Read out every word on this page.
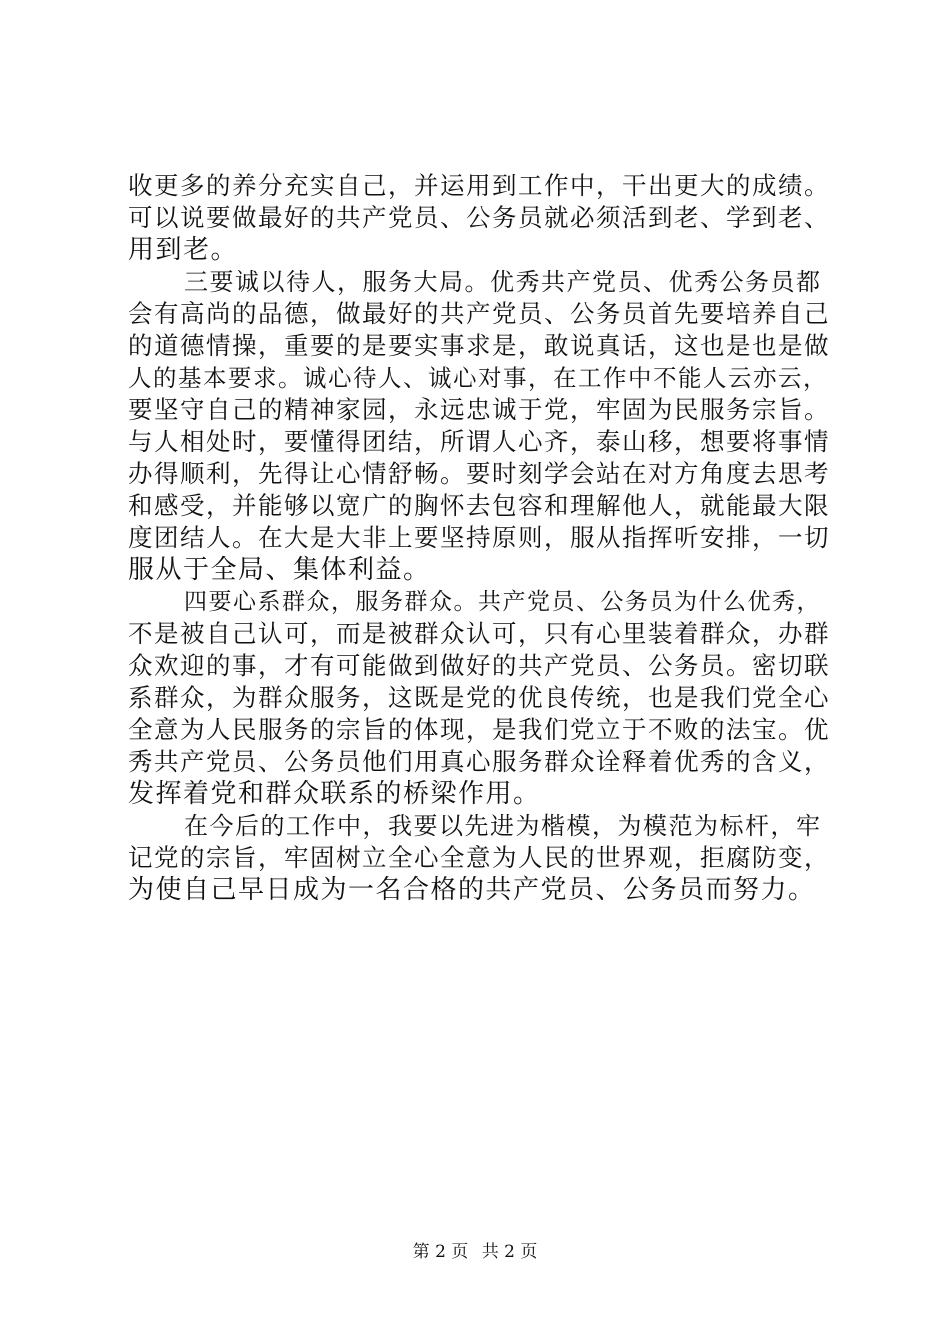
收更多的养分充实自己，并运用到工作中，干出更大的成绩。
可以说要做最好的共产党员、公务员就必须活到老、学到老、
用到老。
三要诚以待人，服务大局。优秀共产党员、优秀公务员都
会有高尚的品德，做最好的共产党员、公务员首先要培养自己
的道德情操，重要的是要实事求是，敢说真话，这也是也是做
人的基本要求。诚心待人、诚心对事，在工作中不能人云亦云，
要坚守自己的精神家园，永远忠诚于党，牢固为民服务宗旨。
与人相处时，要懂得团结，所谓人心齐，泰山移，想要将事情
办得顺利，先得让心情舒畅。要时刻学会站在对方角度去思考
和感受，并能够以宽广的胸怀去包容和理解他人，就能最大限
度团结人。在大是大非上要坚持原则，服从指挥听安排，一切
服从于全局、集体利益。
四要心系群众，服务群众。共产党员、公务员为什么优秀，
不是被自己认可，而是被群众认可，只有心里装着群众，办群
众欢迎的事，才有可能做到做好的共产党员、公务员。密切联
系群众，为群众服务，这既是党的优良传统，也是我们党全心
全意为人民服务的宗旨的体现，是我们党立于不败的法宝。优
秀共产党员、公务员他们用真心服务群众诠释着优秀的含义，
发挥着党和群众联系的桥梁作用。
在今后的工作中，我要以先进为楷模，为模范为标杆，牢
记党的宗旨，牢固树立全心全意为人民的世界观，拒腐防变，
为使自己早日成为一名合格的共产党员、公务员而努力。
第 2 页 共 2 页
